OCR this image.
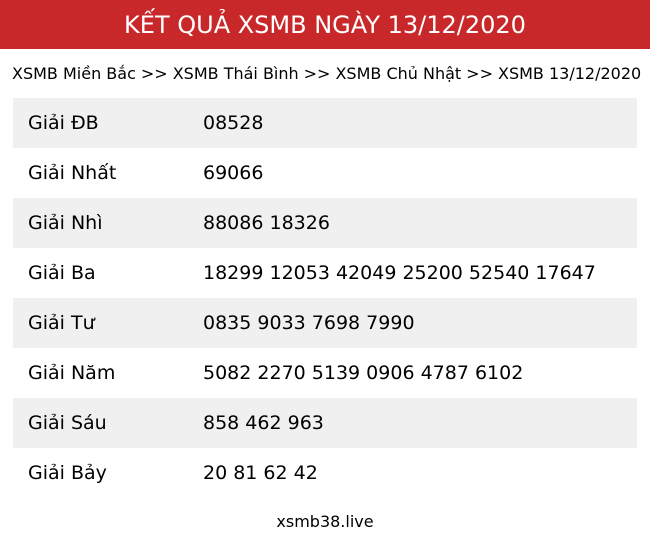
KẾT QUẢ XSMB NGÀY 13/12/2020
XSMB Miền Bắc >> XSMB Thái Bình >> XSMB Chủ Nhật >> XSMB 13/12/2020
Giải ĐB	08528
Giải Nhất	69066
Giải Nhì	88086 18326
Giải Ba	18299 12053 42049 25200 52540 17647
Giải Tư	0835 9033 7698 7990
Giải Năm	5082 2270 5139 0906 4787 6102
Giải Sáu	858 462 963
Giải Bảy	20 81 62 42
xsmb38.live
